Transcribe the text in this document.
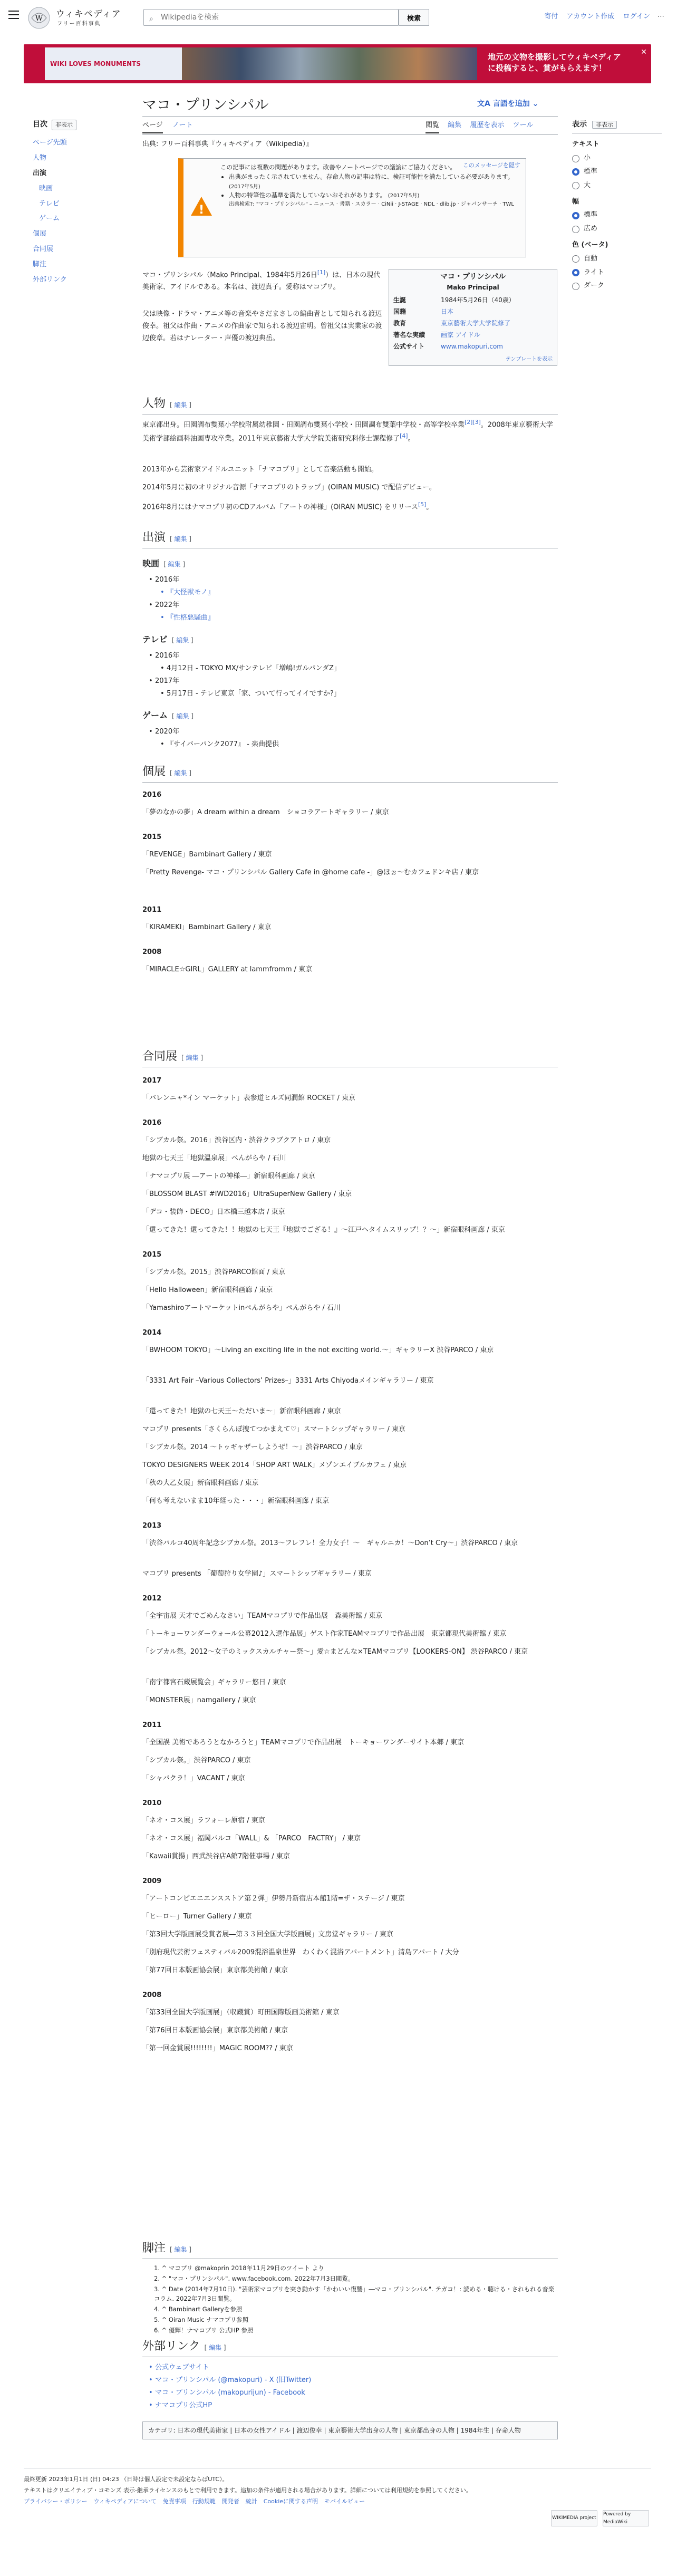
W ウィキペディア
フリー百科事典
⌕
Wikipediaを検索	検索	寄付 アカウント作成 ログイン ⋯
WIKI LOVES MONUMENTS
地元の文物を撮影してウィキペディア
に投稿すると、賞がもらえます！
✕
目次 非表示
ページ先頭
人物
出演
映画
テレビ
ゲーム
個展
合同展
脚注
外部リンク
マコ・プリンシパル	文A 言語を追加 ⌄
ページ ノート	閲覧 編集 履歴を表示 ツール
出典: フリー百科事典『ウィキペディア（Wikipedia）』
表示 非表示
テキスト
小
標準
大
幅
標準
広め
色 (ベータ)
自動
ライト
ダーク
!
このメッセージを隠す
この記事には複数の問題があります。改善やノートページでの議論にご協力ください。
• 出典がまったく示されていません。存命人物の記事は特に、検証可能性を満たしている必要があります。 (2017年5月)
• 人物の特筆性の基準を満たしていないおそれがあります。 (2017年5月)
出典検索?: "マコ・プリンシパル" – ニュース · 書籍 · スカラー · CiNii · J-STAGE · NDL · dlib.jp · ジャパンサーチ · TWL
マコ・プリンシパル
Mako Principal
生誕	1984年5月26日（40歳）
国籍	日本
教育	東京藝術大学大学院修了
著名な実績	画家 アイドル
公式サイト	www.makopuri.com
テンプレートを表示
マコ・プリンシパル（Mako Principal、1984年5月26日[1]）は、日本の現代美術家、アイドルである。本名は、渡辺真子。愛称はマコプリ。
父は映像・ドラマ・アニメ等の音楽やさだまさしの編曲者として知られる渡辺俊幸。祖父は作曲・アニメの作曲家で知られる渡辺宙明。曾祖父は実業家の渡辺俊章。若はナレーター・声優の渡辺典岳。
人物 [ 編集 ]
東京都出身。田園調布雙葉小学校附属幼稚園・田園調布雙葉小学校・田園調布雙葉中学校・高等学校卒業[2][3]。2008年東京藝術大学美術学部絵画科油画専攻卒業。2011年東京藝術大学大学院美術研究科修士課程修了[4]。
2013年から芸術家アイドルユニット「ナマコプリ」として音楽活動も開始。
2014年5月に初のオリジナル音源「ナマコプリのトラップ」(OIRAN MUSIC) で配信デビュー。
2016年8月にはナマコプリ初のCDアルバム「アートの神様」(OIRAN MUSIC) をリリース[5]。
出演 [ 編集 ]
映画 [ 編集 ]
• 2016年
• 『大怪獣モノ』
• 2022年
• 『性格悪騒曲』
テレビ [ 編集 ]
• 2016年
• 4月12日 - TOKYO MX/サンテレビ「増嶋!ガルパンダZ」
• 2017年
• 5月17日 - テレビ東京「家、ついて行ってイイですか?」
ゲーム [ 編集 ]
• 2020年
• 『サイバーパンク2077』 - 楽曲提供
個展 [ 編集 ]
2016
「夢のなかの夢」A dream within a dream　ショコラアートギャラリー / 東京
2015
「REVENGE」Bambinart Gallery / 東京
「Pretty Revenge- マコ・プリンシパル Gallery Cafe in @home cafe -」@ほぉ〜むカフェドンキ店 / 東京
2011
「KIRAMEKI」Bambinart Gallery / 東京
2008
「MIRACLE☆GIRL」GALLERY at lammfromm / 東京
合同展 [ 編集 ]
2017
「バレンニャ*イン マーケット」表参道ヒルズ同潤館 ROCKET / 東京
2016
「シブカル祭。2016」渋谷区内・渋谷クラブクアトロ / 東京
地獄の七天王「地獄温泉展」ぺんがらや / 石川
「ナマコプリ展 ―アートの神様―」新宿眼科画廊 / 東京
「BLOSSOM BLAST #IWD2016」UltraSuperNew Gallery / 東京
「デコ・装飾・DECO」日本橋三越本店 / 東京
「還ってきた！還ってきた！！地獄の七天王『地獄でござる！』〜江戸ヘタイムスリップ！？〜」新宿眼科画廊 / 東京
2015
「シブカル祭。2015」渋谷PARCO館面 / 東京
「Hello Halloween」新宿眼科画廊 / 東京
「Yamashiroアートマーケットinぺんがらや」ぺんがらや / 石川
2014
「BWHOOM TOKYO」〜Living an exciting life in the not exciting world.〜」ギャラリーX 渋谷PARCO / 東京
「3331 Art Fair –Various Collectors’ Prizes–」3331 Arts Chiyodaメインギャラリー / 東京
「還ってきた！地獄の七天王〜ただいま〜」新宿眼科画廊 / 東京
マコプリ presents「さくらんぼ捜てつかまえて♡」スマートシップギャラリー / 東京
「シブカル祭。2014 〜トゥギャザーしようぜ！〜」渋谷PARCO / 東京
TOKYO DESIGNERS WEEK 2014「SHOP ART WALK」メゾンエイブルカフェ / 東京
「秋の大乙女展」新宿眼科画廊 / 東京
「何も考えないまま10年経った・・・」新宿眼科画廊 / 東京
2013
「渋谷パルコ40周年記念シブカル祭。2013〜フレフレ！全力女子！〜　ギャルニカ！〜Don’t Cry〜」渋谷PARCO / 東京
マコプリ presents 「葡萄狩り女学園♪」スマートシップギャラリー / 東京
2012
「全宇宙展 天才でごめんなさい」TEAMマコプリで作品出展　森美術館 / 東京
「トーキョーワンダーウォール公募2012入選作品展」ゲスト作家TEAMマコプリで作品出展　東京都現代美術館 / 東京
「シブカル祭。2012〜女子のミックスカルチャー祭〜」愛☆まどんな×TEAMマコプリ【LOOKERS-ON】 渋谷PARCO / 東京
「南宇都宮石蔵展覧会」ギャラリー悠日 / 東京
「MONSTER展」namgallery / 東京
2011
「全国誤 美術であろうとなかろうと」TEAMマコプリで作品出展　トーキョーワンダーサイト本郷 / 東京
「シブカル祭。」渋谷PARCO / 東京
「シャバクラ！」VACANT / 東京
2010
「ネオ・コス展」ラフォーレ原宿 / 東京
「ネオ・コス展」福岡パルコ「WALL」& 「PARCO　FACTRY」 / 東京
「Kawaii賞揚」西武渋谷店A館7階催事場 / 東京
2009
「アートコンピエニエンスストア第２弾」伊勢丹新宿店本館1階=ザ・ステージ / 東京
「ヒーロー」Turner Gallery / 東京
「第3回大学版画展受賞者展―第３３回全国大学版画展」文房堂ギャラリー / 東京
「別府現代芸術フェスティバル2009混浴温泉世界　わくわく混浴アパートメント」清島アパート / 大分
「第77回日本版画協会展」東京都美術館 / 東京
2008
「第33回全国大学版画展」（収蔵賞）町田国際版画美術館 / 東京
「第76回日本版画協会展」東京都美術館 / 東京
「第一回金賞展!!!!!!!!」MAGIC ROOM?? / 東京
脚注 [ 編集 ]
1. ^ マコプリ @makoprin 2018年11月29日のツイート より
2. ^ "マコ・プリンシパル". www.facebook.com. 2022年7月3日閲覧。
3. ^ Date (2014年7月10日). "芸術家マコプリを突き動かす「かわいい復讐」―マコ・プリンシパル". テガコ！: 読める・聴ける・されもれる音楽コラム. 2022年7月3日閲覧。
4. ^ Bambinart Galleryを参照
5. ^ Oiran Music ナマコプリ参照
6. ^ 優輝！ナマコプリ 公式HP 参照
外部リンク [ 編集 ]
• 公式ウェブサイト
• マコ・プリンシパル (@makopuri) - X (旧Twitter)
• マコ・プリンシパル (makopurijun) - Facebook
• ナマコプリ公式HP
カテゴリ: 日本の現代美術家 | 日本の女性アイドル | 渡辺俊幸 | 東京藝術大学出身の人物 | 東京都出身の人物 | 1984年生 | 存命人物
最終更新 2023年1月1日 (日) 04:23 （日時は個人設定で未設定ならばUTC）。
テキストはクリエイティブ・コモンズ 表示-継承ライセンスのもとで利用できます。追加の条件が適用される場合があります。詳細については利用規約を参照してください。
プライバシー・ポリシー ウィキペディアについて 免責事項 行動規範 開発者 統計 Cookieに関する声明 モバイルビュー
WIKIMEDIA project
Powered by MediaWiki
